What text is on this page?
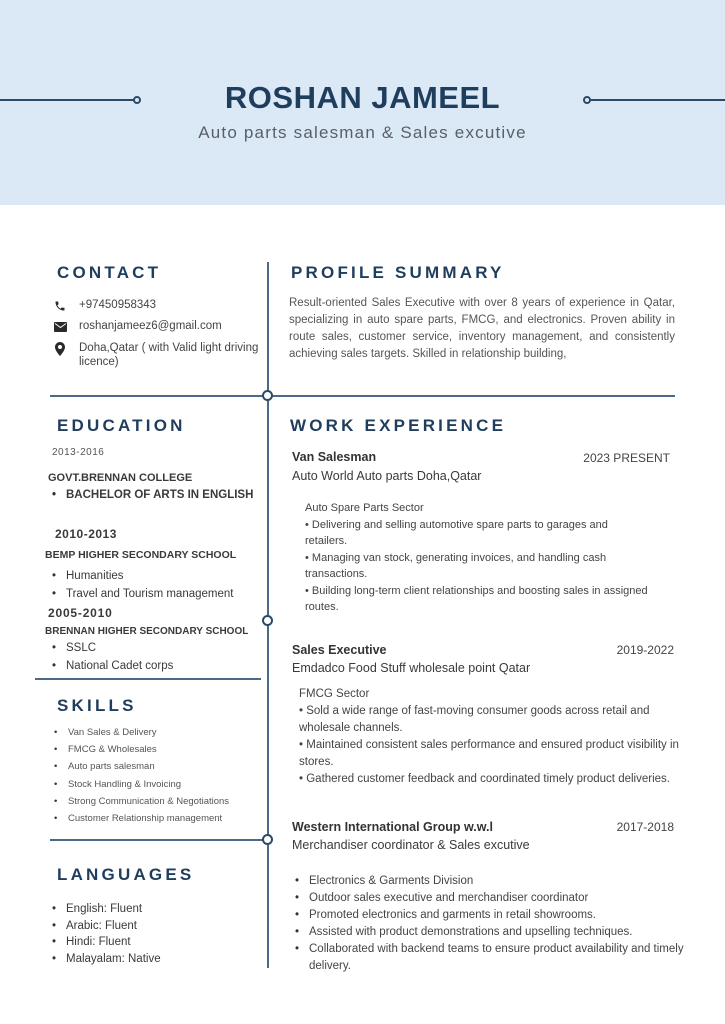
ROSHAN JAMEEL
Auto parts salesman & Sales excutive
CONTACT
+97450958343
roshanjameez6@gmail.com
Doha,Qatar ( with Valid light driving licence)
PROFILE SUMMARY
Result-oriented Sales Executive with over 8 years of experience in Qatar, specializing in auto spare parts, FMCG, and electronics. Proven ability in route sales, customer service, inventory management, and consistently achieving sales targets. Skilled in relationship building,
EDUCATION
2013-2016
GOVT.BRENNAN COLLEGE
• BACHELOR OF ARTS IN ENGLISH
2010-2013
BEMP HIGHER SECONDARY SCHOOL
• Humanities
• Travel and Tourism management
2005-2010
BRENNAN HIGHER SECONDARY SCHOOL
• SSLC
• National Cadet corps
SKILLS
• Van Sales & Delivery
• FMCG & Wholesales
• Auto parts salesman
• Stock Handling & Invoicing
• Strong Communication & Negotiations
• Customer Relationship management
LANGUAGES
• English: Fluent
• Arabic: Fluent
• Hindi: Fluent
• Malayalam: Native
WORK EXPERIENCE
Van Salesman	2023 PRESENT
Auto World Auto parts Doha,Qatar
Auto Spare Parts Sector
• Delivering and selling automotive spare parts to garages and retailers.
• Managing van stock, generating invoices, and handling cash transactions.
• Building long-term client relationships and boosting sales in assigned routes.
Sales Executive	2019-2022
Emdadco Food Stuff wholesale point Qatar
FMCG Sector
• Sold a wide range of fast-moving consumer goods across retail and wholesale channels.
• Maintained consistent sales performance and ensured product visibility in stores.
• Gathered customer feedback and coordinated timely product deliveries.
Western International Group w.w.l	2017-2018
Merchandiser coordinator & Sales excutive
• Electronics & Garments Division
• Outdoor sales executive and merchandiser coordinator
• Promoted electronics and garments in retail showrooms.
• Assisted with product demonstrations and upselling techniques.
• Collaborated with backend teams to ensure product availability and timely delivery.
